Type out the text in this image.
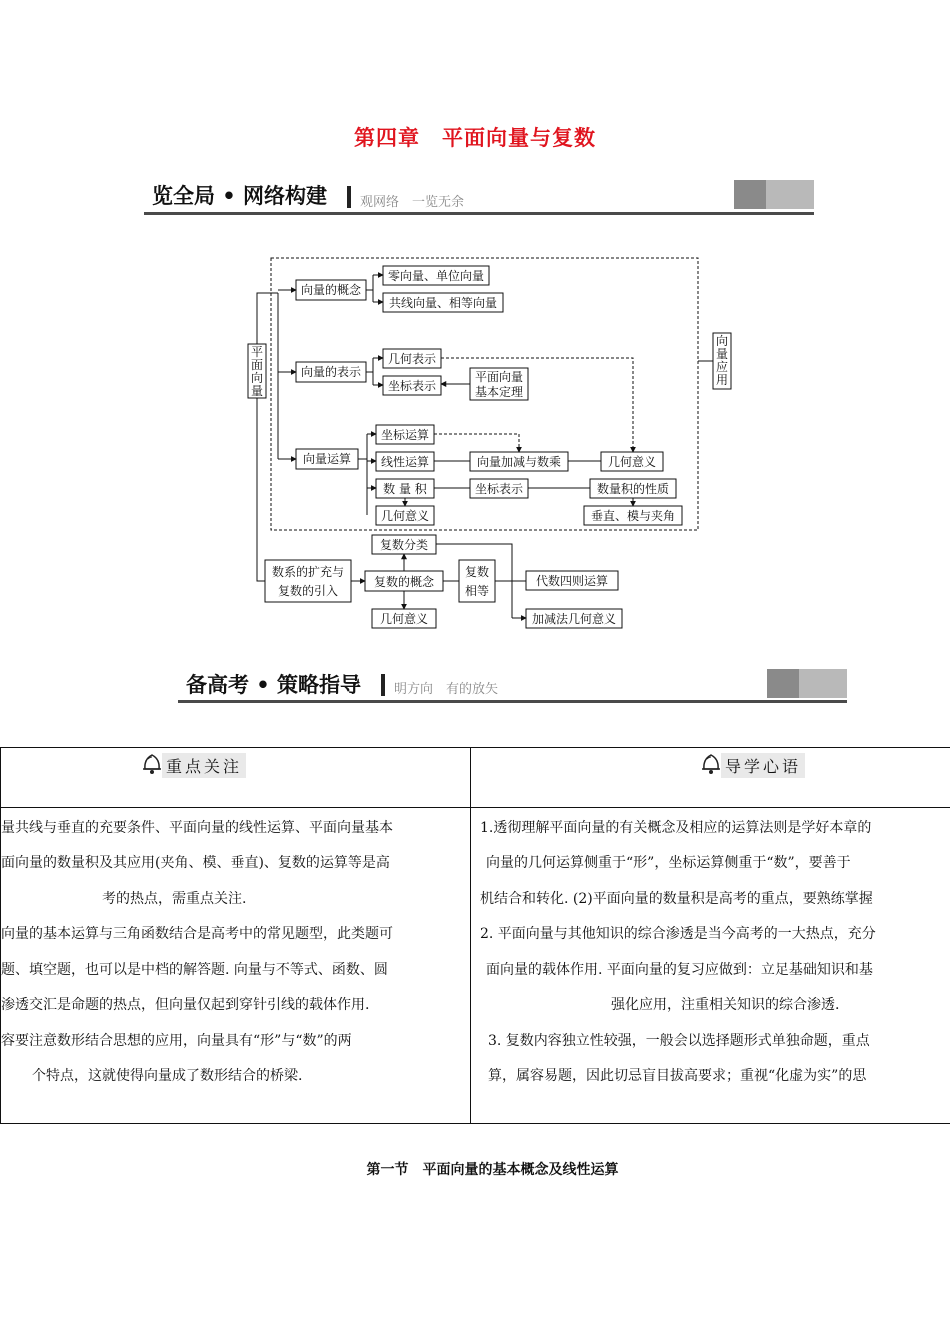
第四章　平面向量与复数
览全局 • 网络构建	观网络　一览无余
平
面
向
量
向
量
应
用
向量的概念
零向量、单位向量
共线向量、相等向量
向量的表示
几何表示
坐标表示
平面向量
基本定理
向量运算
坐标运算
线性运算	向量加减与数乘	几何意义
数 量 积	坐标表示	数量积的性质
几何意义	垂直、模与夹角
数系的扩充与
复数的引入
复数分类
复数的概念
复数
相等
几何意义
代数四则运算
加减法几何意义
备高考 • 策略指导	明方向　有的放矢
重点关注	导学心语
量共线与垂直的充要条件、平面向量的线性运算、平面向量基本
面向量的数量积及其应用(夹角、模、垂直)、复数的运算等是高
考的热点，需重点关注.
向量的基本运算与三角函数结合是高考中的常见题型，此类题可
题、填空题，也可以是中档的解答题. 向量与不等式、函数、圆
渗透交汇是命题的热点，但向量仅起到穿针引线的载体作用.
容要注意数形结合思想的应用，向量具有“形”与“数”的两
个特点，这就使得向量成了数形结合的桥梁.
1.透彻理解平面向量的有关概念及相应的运算法则是学好本章的
向量的几何运算侧重于“形”，坐标运算侧重于“数”，要善于
机结合和转化. (2)平面向量的数量积是高考的重点，要熟练掌握
2. 平面向量与其他知识的综合渗透是当今高考的一大热点，充分
面向量的载体作用. 平面向量的复习应做到：立足基础知识和基
强化应用，注重相关知识的综合渗透.
3. 复数内容独立性较强，一般会以选择题形式单独命题，重点
算，属容易题，因此切忌盲目拔高要求；重视“化虚为实”的思
第一节　平面向量的基本概念及线性运算
